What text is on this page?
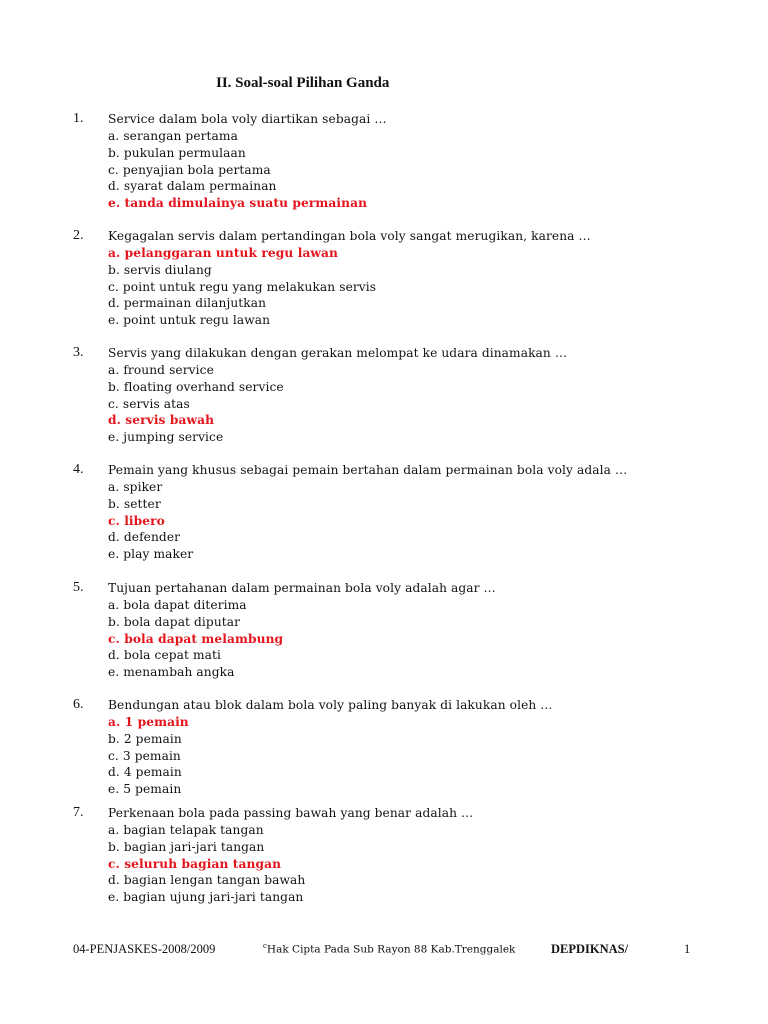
II. Soal-soal Pilihan Ganda
1. Service dalam bola voly diartikan sebagai …
a. serangan pertama
b. pukulan permulaan
c. penyajian bola pertama
d. syarat dalam permainan
e. tanda dimulainya suatu permainan
2. Kegagalan servis dalam pertandingan bola voly sangat merugikan, karena …
a. pelanggaran untuk regu lawan
b. servis diulang
c. point untuk regu yang melakukan servis
d. permainan dilanjutkan
e. point untuk regu lawan
3. Servis yang dilakukan dengan gerakan melompat ke udara dinamakan …
a. fround service
b. floating overhand service
c. servis atas
d. servis bawah
e. jumping service
4. Pemain yang khusus sebagai pemain bertahan dalam permainan bola voly adala …
a. spiker
b. setter
c. libero
d. defender
e. play maker
5. Tujuan pertahanan dalam permainan bola voly adalah agar …
a. bola dapat diterima
b. bola dapat diputar
c. bola dapat melambung
d. bola cepat mati
e. menambah angka
6. Bendungan atau blok dalam bola voly paling banyak di lakukan oleh …
a. 1 pemain
b. 2 pemain
c. 3 pemain
d. 4 pemain
e. 5 pemain
7. Perkenaan bola pada passing bawah yang benar adalah …
a. bagian telapak tangan
b. bagian jari-jari tangan
c. seluruh bagian tangan
d. bagian lengan tangan bawah
e. bagian ujung jari-jari tangan
04-PENJASKES-2008/2009	$^c$Hak Cipta Pada Sub Rayon 88 Kab.Trenggalek	DEPDIKNAS/	1
